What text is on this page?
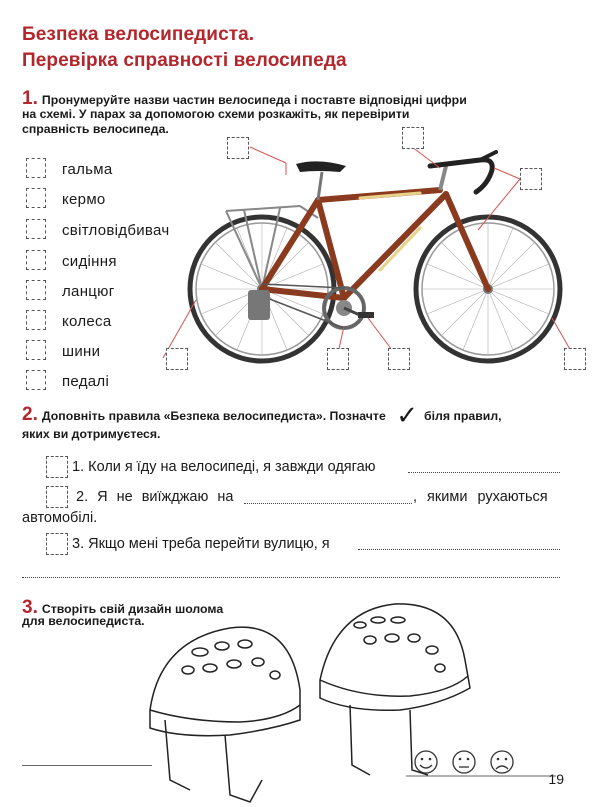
Безпека велосипедиста.
Перевірка справності велосипеда
1. Пронумеруйте назви частин велосипеда і поставте відповідні цифри
на схемі. У парах за допомогою схеми розкажіть, як перевірити
справність велосипеда.
гальма
кермо
світловідбивач
сидіння
ланцюг
колеса
шини
педалі
2. Доповніть правила «Безпека велосипедиста». Позначте ✓ біля правил,
яких ви дотримуєтеся.
1. Коли я їду на велосипеді, я завжди одягаю
2. Я не виїжджаю на	, якими рухаються
автомобілі.
3. Якщо мені треба перейти вулицю, я
3. Створіть свій дизайн шолома
для велосипедиста.
19
